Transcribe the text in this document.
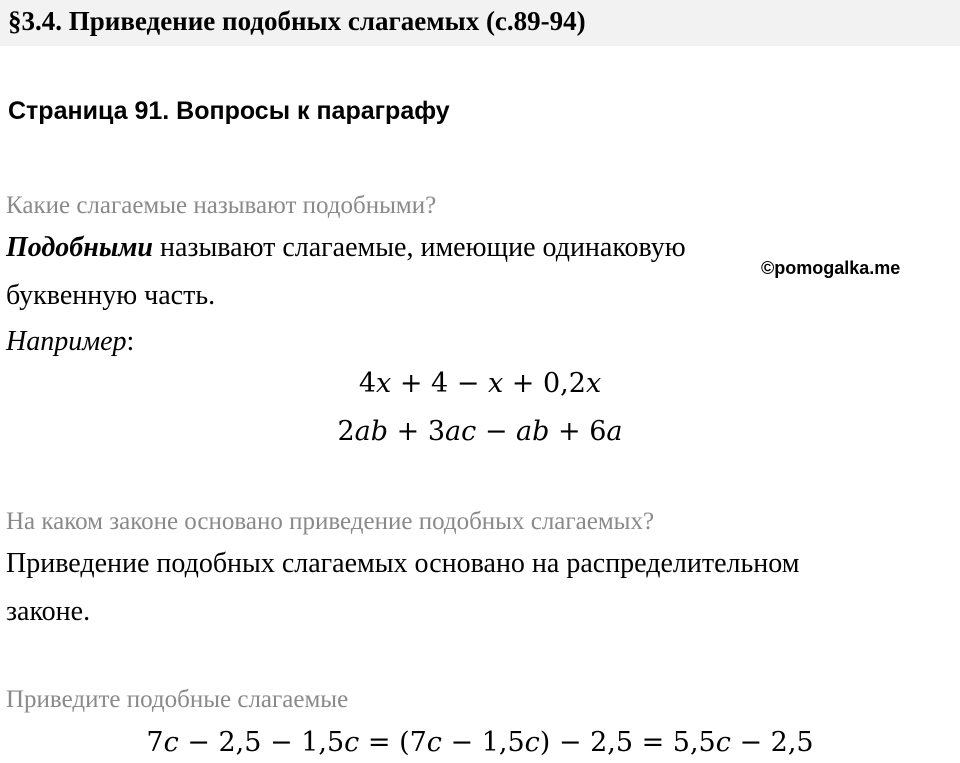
§3.4. Приведение подобных слагаемых (с.89-94)
Страница 91. Вопросы к параграфу
Какие слагаемые называют подобными?
Подобными называют слагаемые, имеющие одинаковую
©pomogalka.me
буквенную часть.
Например:
4𝑥 + 4 − 𝑥 + 0,2𝑥
2𝑎𝑏 + 3𝑎𝑐 − 𝑎𝑏 + 6𝑎
На каком законе основано приведение подобных слагаемых?
Приведение подобных слагаемых основано на распределительном
законе.
Приведите подобные слагаемые
7𝑐 − 2,5 − 1,5𝑐 = (7𝑐 − 1,5𝑐) − 2,5 = 5,5𝑐 − 2,5
